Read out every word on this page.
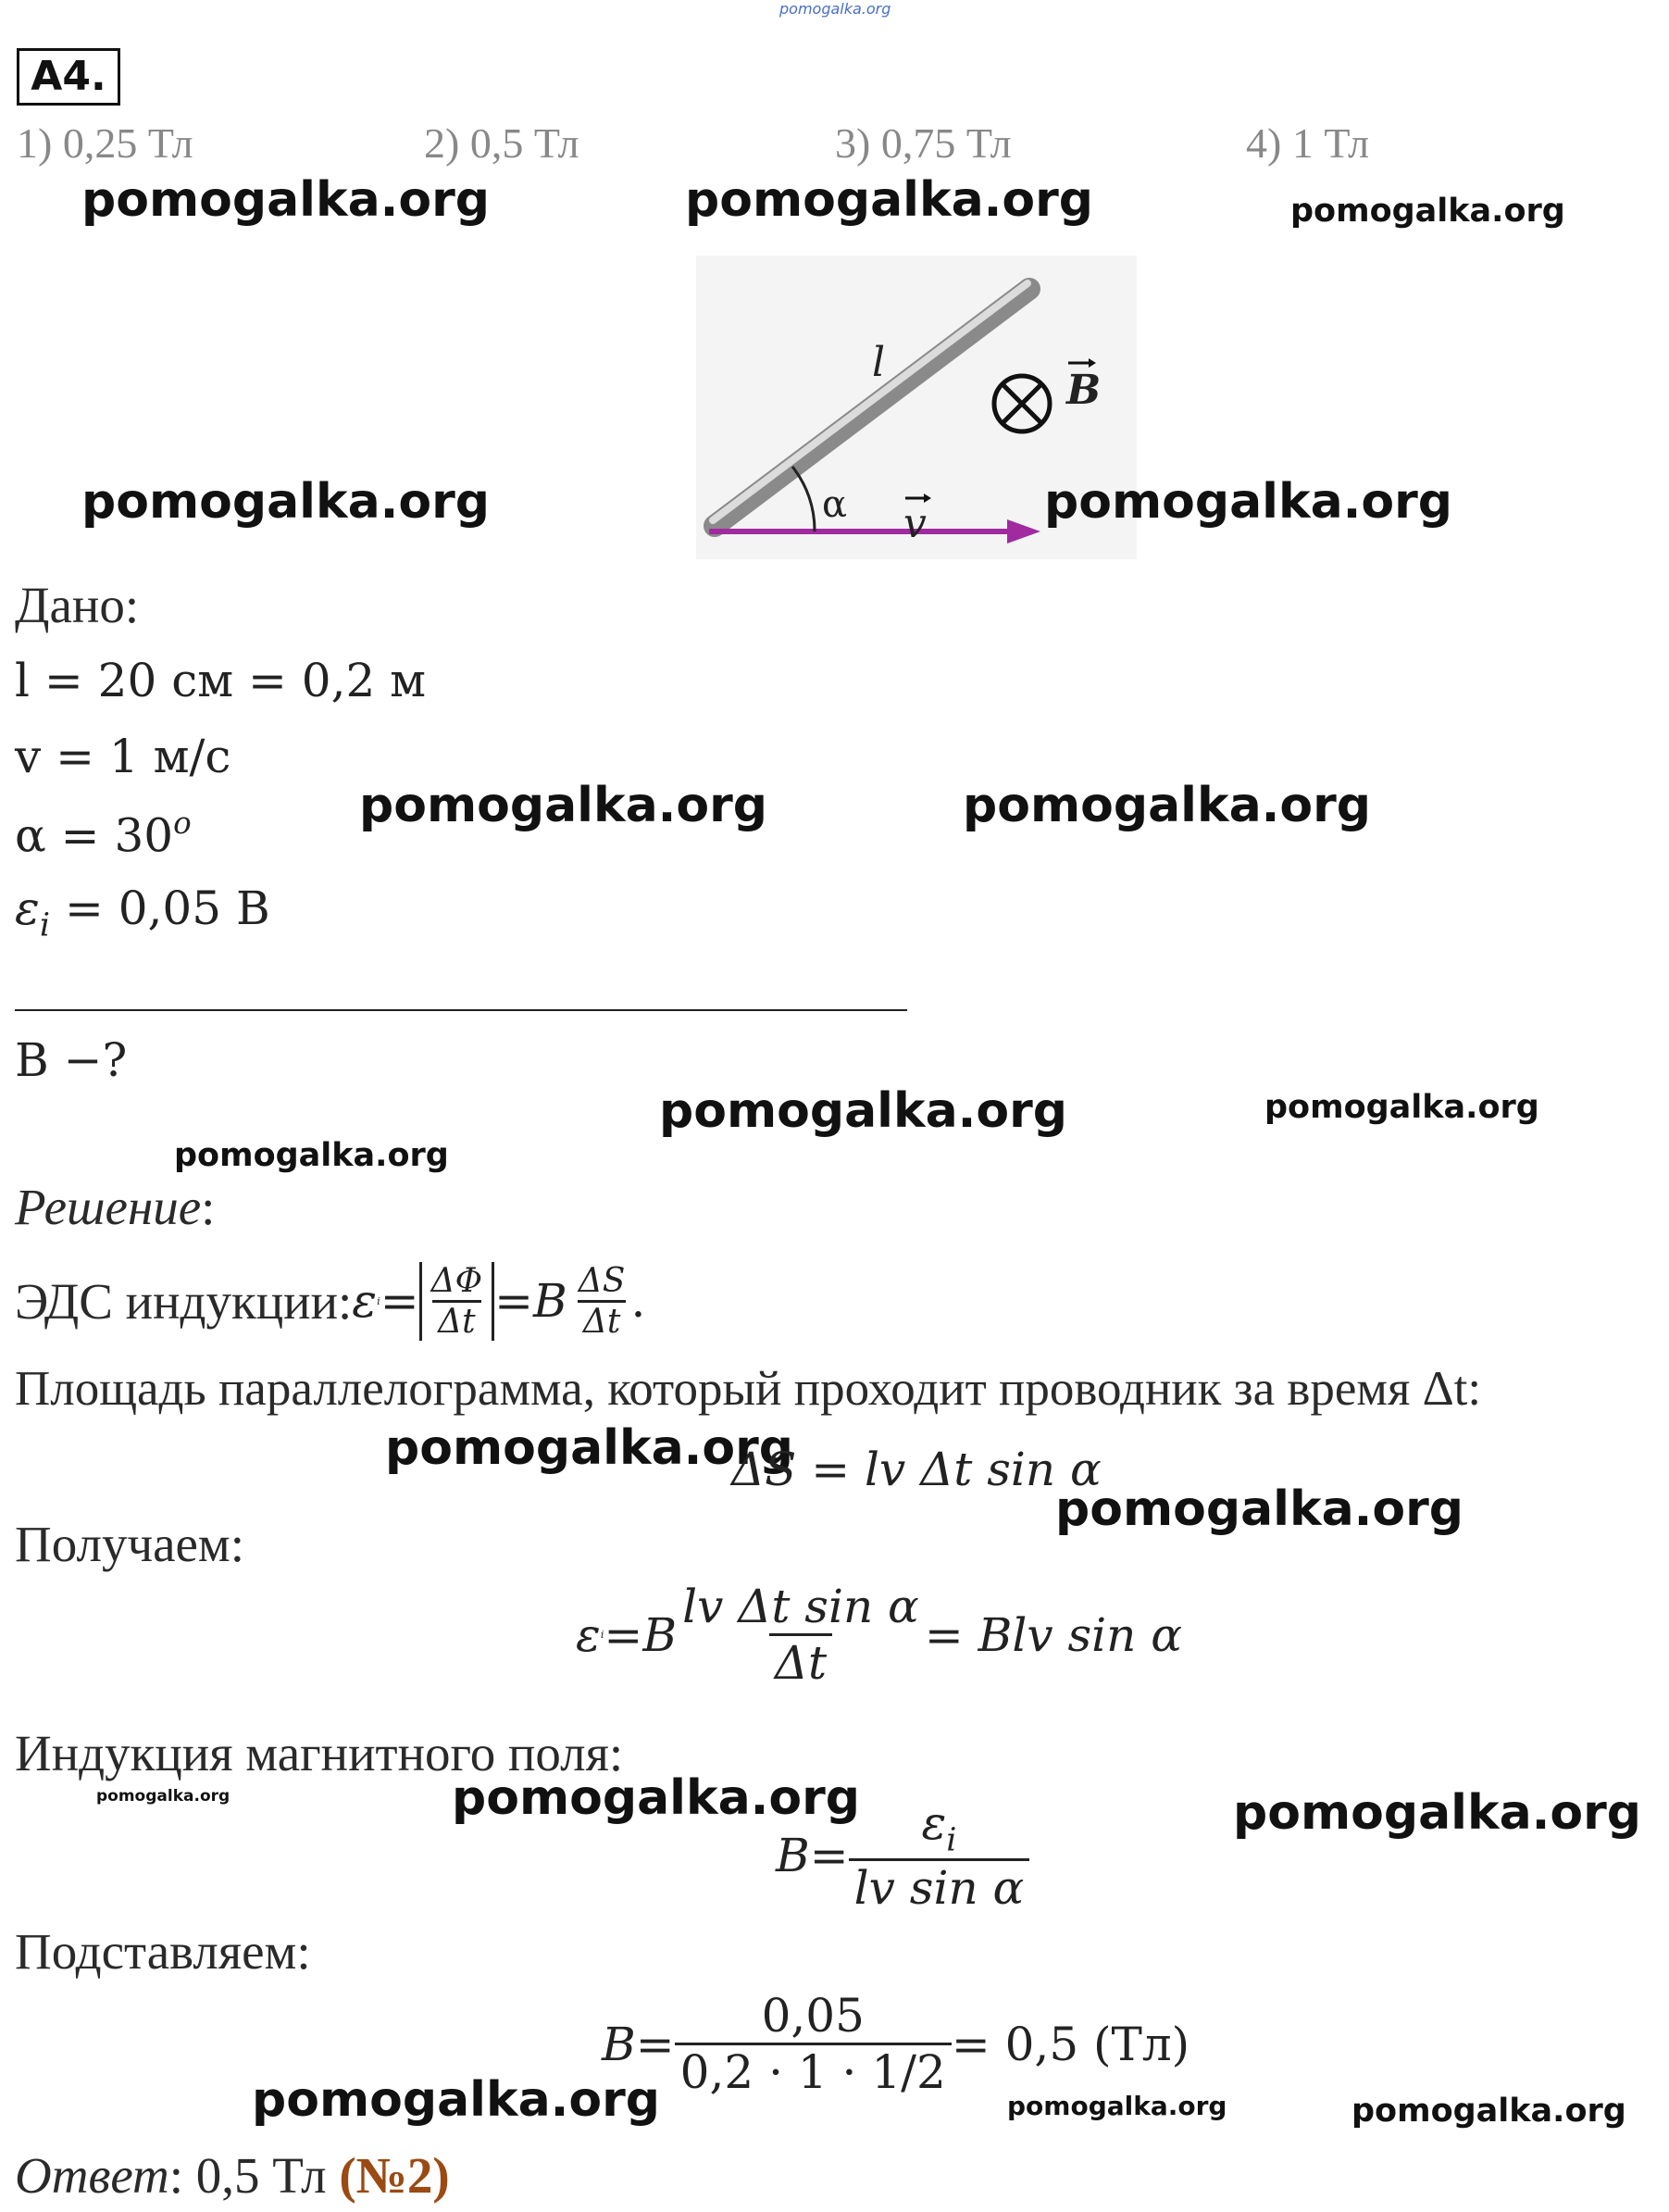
pomogalka.org
A4.
1) 0,25 Тл	2) 0,5 Тл	3) 0,75 Тл	4) 1 Тл
pomogalka.org	pomogalka.org	pomogalka.org
l
B
α v
pomogalka.org	pomogalka.org
Дано:
l = 20 см = 0,2 м
v = 1 м/с
$\alpha = 30^o$
$\varepsilon_i = 0,05$ В
pomogalka.org	pomogalka.org
B −?
pomogalka.org	pomogalka.org
pomogalka.org
Решение:
ЭДС индукции: ε $i = \frac{\Delta\Phi}{\Delta t} = B \frac{\Delta S}{\Delta t}$ .
Площадь параллелограмма, который проходит проводник за время Δt:
pomogalka.org
ΔS = lv Δt sin α
pomogalka.org
Получаем:
ε i = B $\frac{\text{lv Δt sin α}}{\Delta t}$ = Blv sin α
Индукция магнитного поля:
pomogalka.org	pomogalka.org	pomogalka.org
$B = \frac{\varepsilon_i}{\text{lv sin α}}$
Подставляем:
$B = \frac{0,05}{0,2 \cdot 1 \cdot 1/2} = 0,5$ (Тл)
pomogalka.org	pomogalka.org	pomogalka.org
Ответ: 0,5 Тл (№2)
